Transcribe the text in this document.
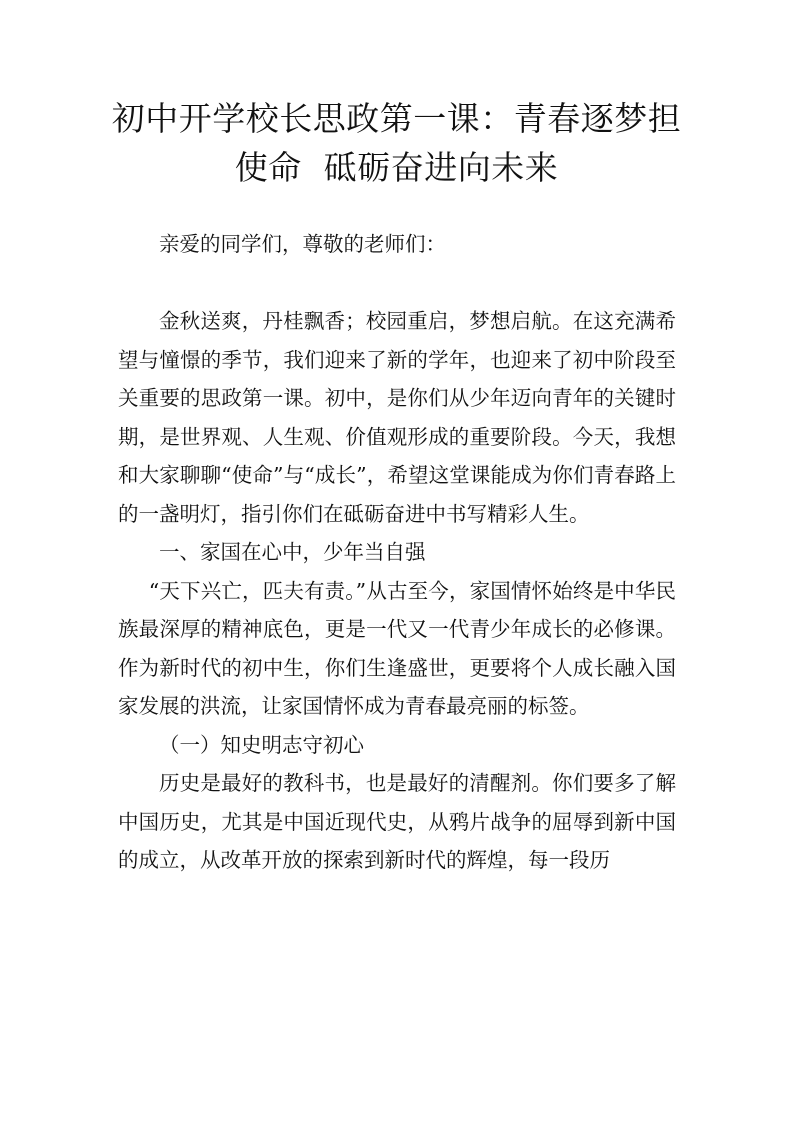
初中开学校长思政第一课：青春逐梦担
使命  砥砺奋进向未来

亲爱的同学们，尊敬的老师们：

金秋送爽，丹桂飘香；校园重启，梦想启航。在这充满希望与憧憬的季节，我们迎来了新的学年，也迎来了初中阶段至关重要的思政第一课。初中，是你们从少年迈向青年的关键时期，是世界观、人生观、价值观形成的重要阶段。今天，我想和大家聊聊“使命”与“成长”，希望这堂课能成为你们青春路上的一盏明灯，指引你们在砥砺奋进中书写精彩人生。

一、家国在心中，少年当自强

“天下兴亡，匹夫有责。”从古至今，家国情怀始终是中华民族最深厚的精神底色，更是一代又一代青少年成长的必修课。作为新时代的初中生，你们生逢盛世，更要将个人成长融入国家发展的洪流，让家国情怀成为青春最亮丽的标签。

（一）知史明志守初心

历史是最好的教科书，也是最好的清醒剂。你们要多了解中国历史，尤其是中国近现代史，从鸦片战争的屈辱到新中国的成立，从改革开放的探索到新时代的辉煌，每一段历
